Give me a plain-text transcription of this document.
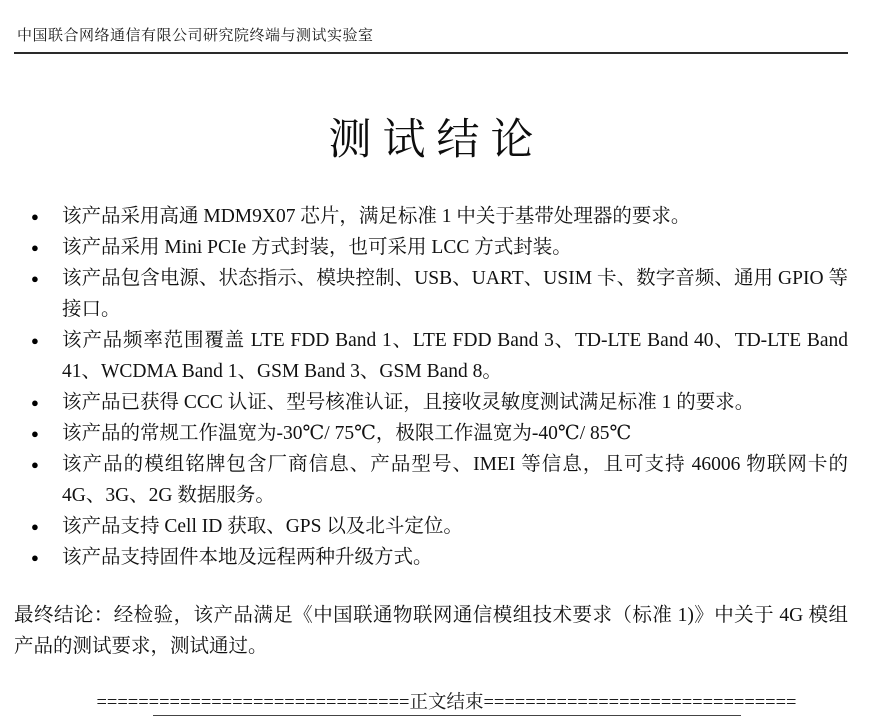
中国联合网络通信有限公司研究院终端与测试实验室
测试结论
●	该产品采用高通 MDM9X07 芯片，满足标准 1 中关于基带处理器的要求。
●	该产品采用 Mini PCIe 方式封装，也可采用 LCC 方式封装。
●	该产品包含电源、状态指示、模块控制、USB、UART、USIM 卡、数字音频、通用 GPIO 等接口。
●	该产品频率范围覆盖 LTE FDD Band 1、LTE FDD Band 3、TD-LTE Band 40、TD-LTE Band 41、WCDMA Band 1、GSM Band 3、GSM Band 8。
●	该产品已获得 CCC 认证、型号核准认证，且接收灵敏度测试满足标准 1 的要求。
●	该产品的常规工作温宽为-30℃/ 75℃，极限工作温宽为-40℃/ 85℃
●	该产品的模组铭牌包含厂商信息、产品型号、IMEI 等信息，且可支持 46006 物联网卡的 4G、3G、2G 数据服务。
●	该产品支持 Cell ID 获取、GPS 以及北斗定位。
●	该产品支持固件本地及远程两种升级方式。
最终结论：经检验，该产品满足《中国联通物联网通信模组技术要求（标准 1)》中关于 4G 模组产品的测试要求，测试通过。
==============================正文结束==============================
